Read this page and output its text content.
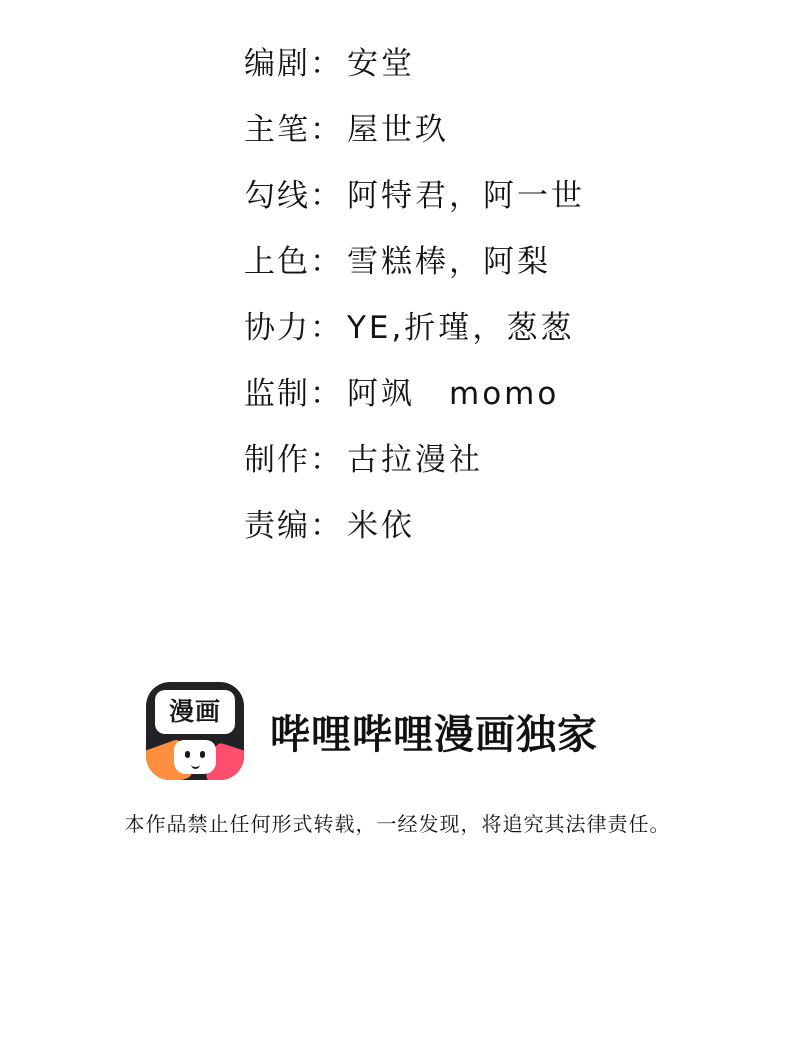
编剧 ： 安堂
主笔 ： 屋世玖
勾线 ： 阿特君，阿一世
上色 ： 雪糕棒，阿梨
协力 ： YE,折瑾，葱葱
监制 ： 阿飒　momo
制作 ： 古拉漫社
责编 ： 米依
漫画	哔哩哔哩漫画独家
本作品禁止任何形式转载，一经发现，将追究其法律责任。
